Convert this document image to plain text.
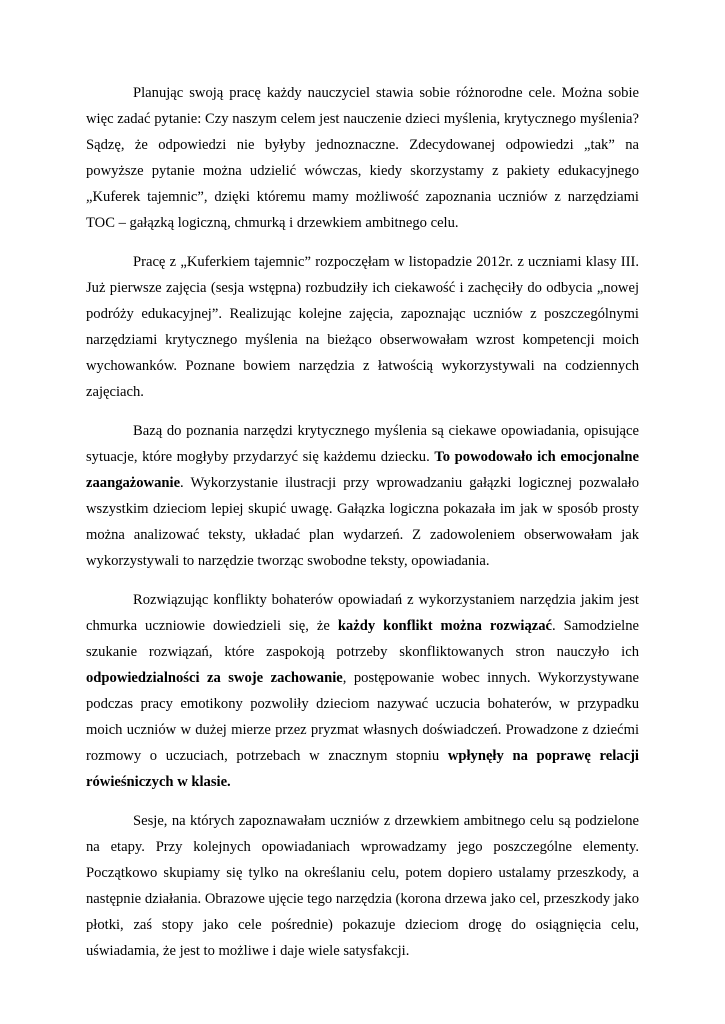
Planując swoją pracę każdy nauczyciel stawia sobie różnorodne cele. Można sobie więc zadać pytanie: Czy naszym celem jest nauczenie dzieci myślenia, krytycznego myślenia? Sądzę, że odpowiedzi nie byłyby jednoznaczne. Zdecydowanej odpowiedzi „tak” na powyższe pytanie można udzielić wówczas, kiedy skorzystamy z pakiety edukacyjnego „Kuferek tajemnic”, dzięki któremu mamy możliwość zapoznania uczniów z narzędziami TOC – gałązką logiczną, chmurką i drzewkiem ambitnego celu.

Pracę z „Kuferkiem tajemnic” rozpoczęłam w listopadzie 2012r. z uczniami klasy III. Już pierwsze zajęcia (sesja wstępna) rozbudziły ich ciekawość i zachęciły do odbycia „nowej podróży edukacyjnej”. Realizując kolejne zajęcia, zapoznając uczniów z poszczególnymi narzędziami krytycznego myślenia na bieżąco obserwowałam wzrost kompetencji moich wychowanków. Poznane bowiem narzędzia z łatwością wykorzystywali na codziennych zajęciach.

Bazą do poznania narzędzi krytycznego myślenia są ciekawe opowiadania, opisujące sytuacje, które mogłyby przydarzyć się każdemu dziecku. To powodowało ich emocjonalne zaangażowanie. Wykorzystanie ilustracji przy wprowadzaniu gałązki logicznej pozwalało wszystkim dzieciom lepiej skupić uwagę. Gałązka logiczna pokazała im jak w sposób prosty można analizować teksty, układać plan wydarzeń. Z zadowoleniem obserwowałam jak wykorzystywali to narzędzie tworząc swobodne teksty, opowiadania.

Rozwiązując konflikty bohaterów opowiadań z wykorzystaniem narzędzia jakim jest chmurka uczniowie dowiedzieli się, że każdy konflikt można rozwiązać. Samodzielne szukanie rozwiązań, które zaspokoją potrzeby skonfliktowanych stron nauczyło ich odpowiedzialności za swoje zachowanie, postępowanie wobec innych. Wykorzystywane podczas pracy emotikony pozwoliły dzieciom nazywać uczucia bohaterów, w przypadku moich uczniów w dużej mierze przez pryzmat własnych doświadczeń. Prowadzone z dziećmi rozmowy o uczuciach, potrzebach w znacznym stopniu wpłynęły na poprawę relacji rówieśniczych w klasie.

Sesje, na których zapoznawałam uczniów z drzewkiem ambitnego celu są podzielone na etapy. Przy kolejnych opowiadaniach wprowadzamy jego poszczególne elementy. Początkowo skupiamy się tylko na określaniu celu, potem dopiero ustalamy przeszkody, a następnie działania. Obrazowe ujęcie tego narzędzia (korona drzewa jako cel, przeszkody jako płotki, zaś stopy jako cele pośrednie) pokazuje dzieciom drogę do osiągnięcia celu, uświadamia, że jest to możliwe i daje wiele satysfakcji.
